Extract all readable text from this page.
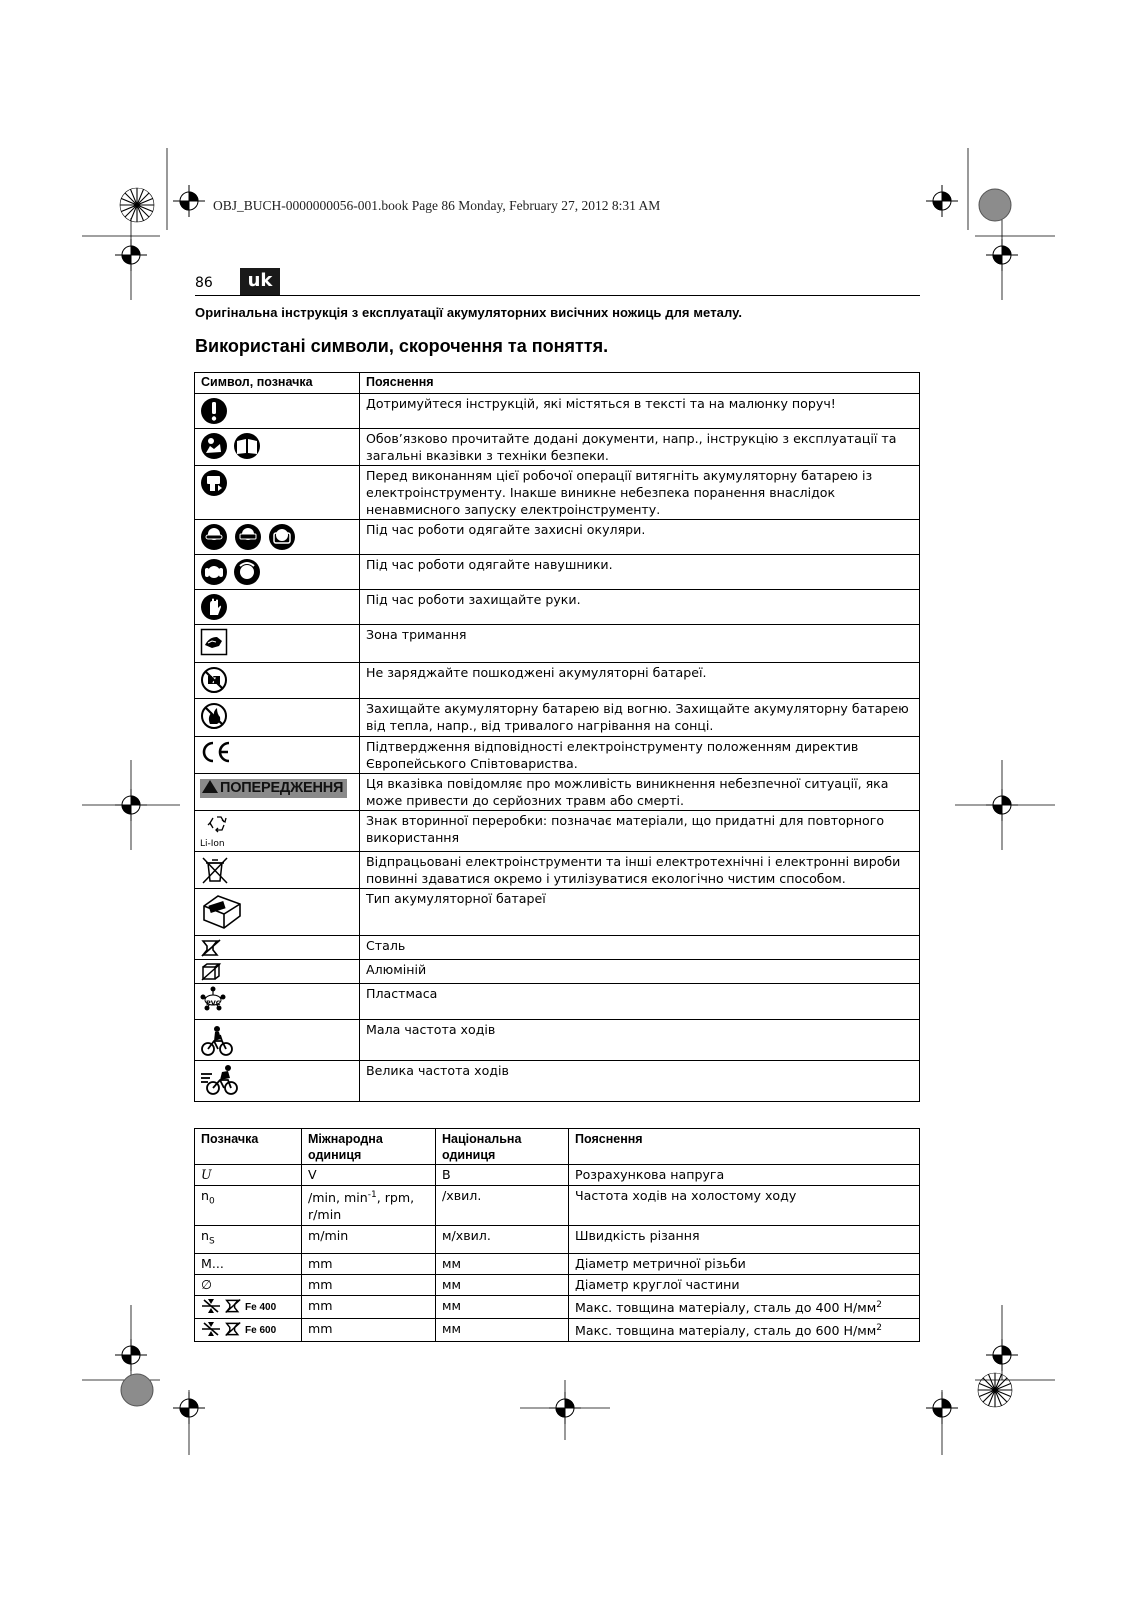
OBJ_BUCH-0000000056-001.book Page 86 Monday, February 27, 2012 8:31 AM
86	uk
Оригінальна інструкція з експлуатації акумуляторних висічних ножиць для металу.
Використані символи, скорочення та поняття.
Символ, позначка	Пояснення
	Дотримуйтеся інструкцій, які містяться в тексті та на малюнку поруч!
	Обов’язково прочитайте додані документи, напр., інструкцію з експлуатації та загальні вказівки з техніки безпеки.
	Перед виконанням цієї робочої операції витягніть акумуляторну батарею із електроінструменту. Інакше виникне небезпека поранення внаслідок ненавмисного запуску електроінструменту.
	Під час роботи одягайте захисні окуляри.
	Під час роботи одягайте навушники.
	Під час роботи захищайте руки.
	Зона тримання
	Не заряджайте пошкоджені акумуляторні батареї.
	Захищайте акумуляторну батарею від вогню. Захищайте акумуляторну батарею від тепла, напр., від тривалого нагрівання на сонці.
	Підтвердження відповідності електроінструменту положенням директив Європейського Співтовариства.
ПОПЕРЕДЖЕННЯ	Ця вказівка повідомляє про можливість виникнення небезпечної ситуації, яка може привести до серйозних травм або смерті.

Li-Ion	Знак вторинної переробки: позначає матеріали, що придатні для повторного використання
	Відпрацьовані електроінструменти та інші електротехнічні і електронні вироби повинні здаватися окремо і утилізуватися екологічно чистим способом.
	Тип акумуляторної батареї
	Сталь
	Алюміній

PVC	Пластмаса
	Мала частота ходів
	Велика частота ходів
Позначка	Міжнародна одиниця	Національна одиниця	Пояснення
U	V	В	Розрахункова напруга
$n_0$	/min, $\min^{-1}$, rpm, r/min	/хвил.	Частота ходів на холостому ходу
$n_S$	m/min	м/хвил.	Швидкість різання
M...	mm	мм	Діаметр метричної різьби
∅	mm	мм	Діаметр круглої частини
Fe 400	mm	мм	Макс. товщина матеріалу, сталь до 400 $Н/мм^2$
Fe 600	mm	мм	Макс. товщина матеріалу, сталь до 600 $Н/мм^2$
